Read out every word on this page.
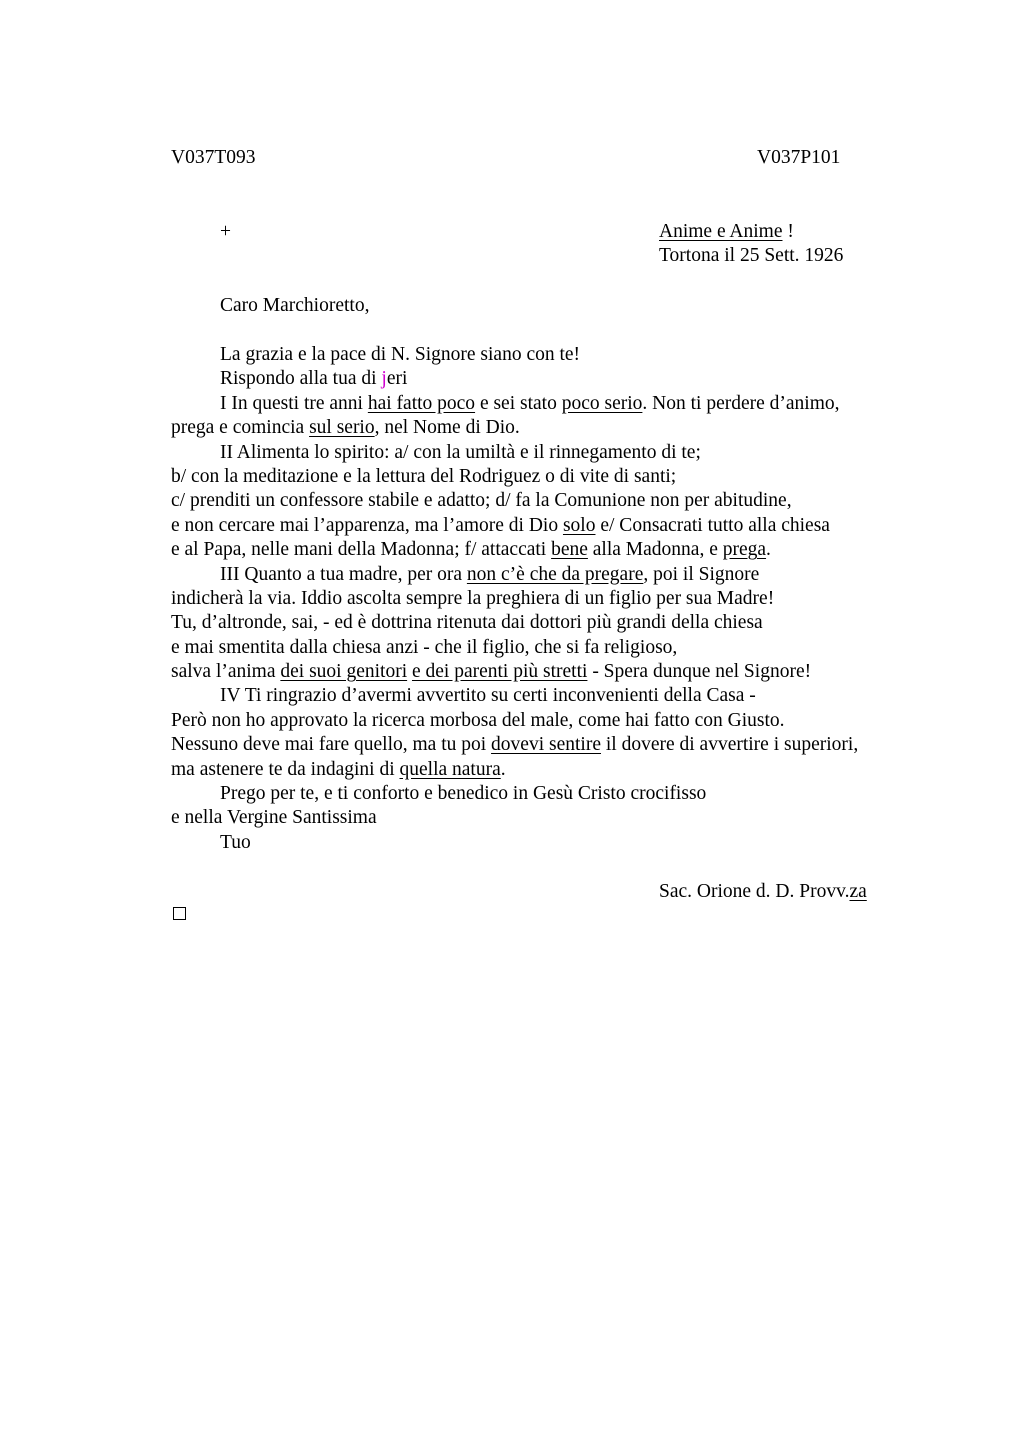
V037T093	V037P101
+	Anime e Anime !
Tortona il 25 Sett. 1926
Caro Marchioretto,
La grazia e la pace di N. Signore siano con te!
Rispondo alla tua di jeri
I In questi tre anni hai fatto poco e sei stato poco serio. Non ti perdere d’animo,
prega e comincia sul serio, nel Nome di Dio.
II Alimenta lo spirito: a/ con la umiltà e il rinnegamento di te;
b/ con la meditazione e la lettura del Rodriguez o di vite di santi;
c/ prenditi un confessore stabile e adatto; d/ fa la Comunione non per abitudine,
e non cercare mai l’apparenza, ma l’amore di Dio solo e/ Consacrati tutto alla chiesa
e al Papa, nelle mani della Madonna; f/ attaccati bene alla Madonna, e prega.
III Quanto a tua madre, per ora non c’è che da pregare, poi il Signore
indicherà la via. Iddio ascolta sempre la preghiera di un figlio per sua Madre!
Tu, d’altronde, sai, - ed è dottrina ritenuta dai dottori più grandi della chiesa
e mai smentita dalla chiesa anzi - che il figlio, che si fa religioso,
salva l’anima dei suoi genitori e dei parenti più stretti - Spera dunque nel Signore!
IV Ti ringrazio d’avermi avvertito su certi inconvenienti della Casa -
Però non ho approvato la ricerca morbosa del male, come hai fatto con Giusto.
Nessuno deve mai fare quello, ma tu poi dovevi sentire il dovere di avvertire i superiori,
ma astenere te da indagini di quella natura.
Prego per te, e ti conforto e benedico in Gesù Cristo crocifisso
e nella Vergine Santissima
Tuo
Sac. Orione d. D. Provv.za
